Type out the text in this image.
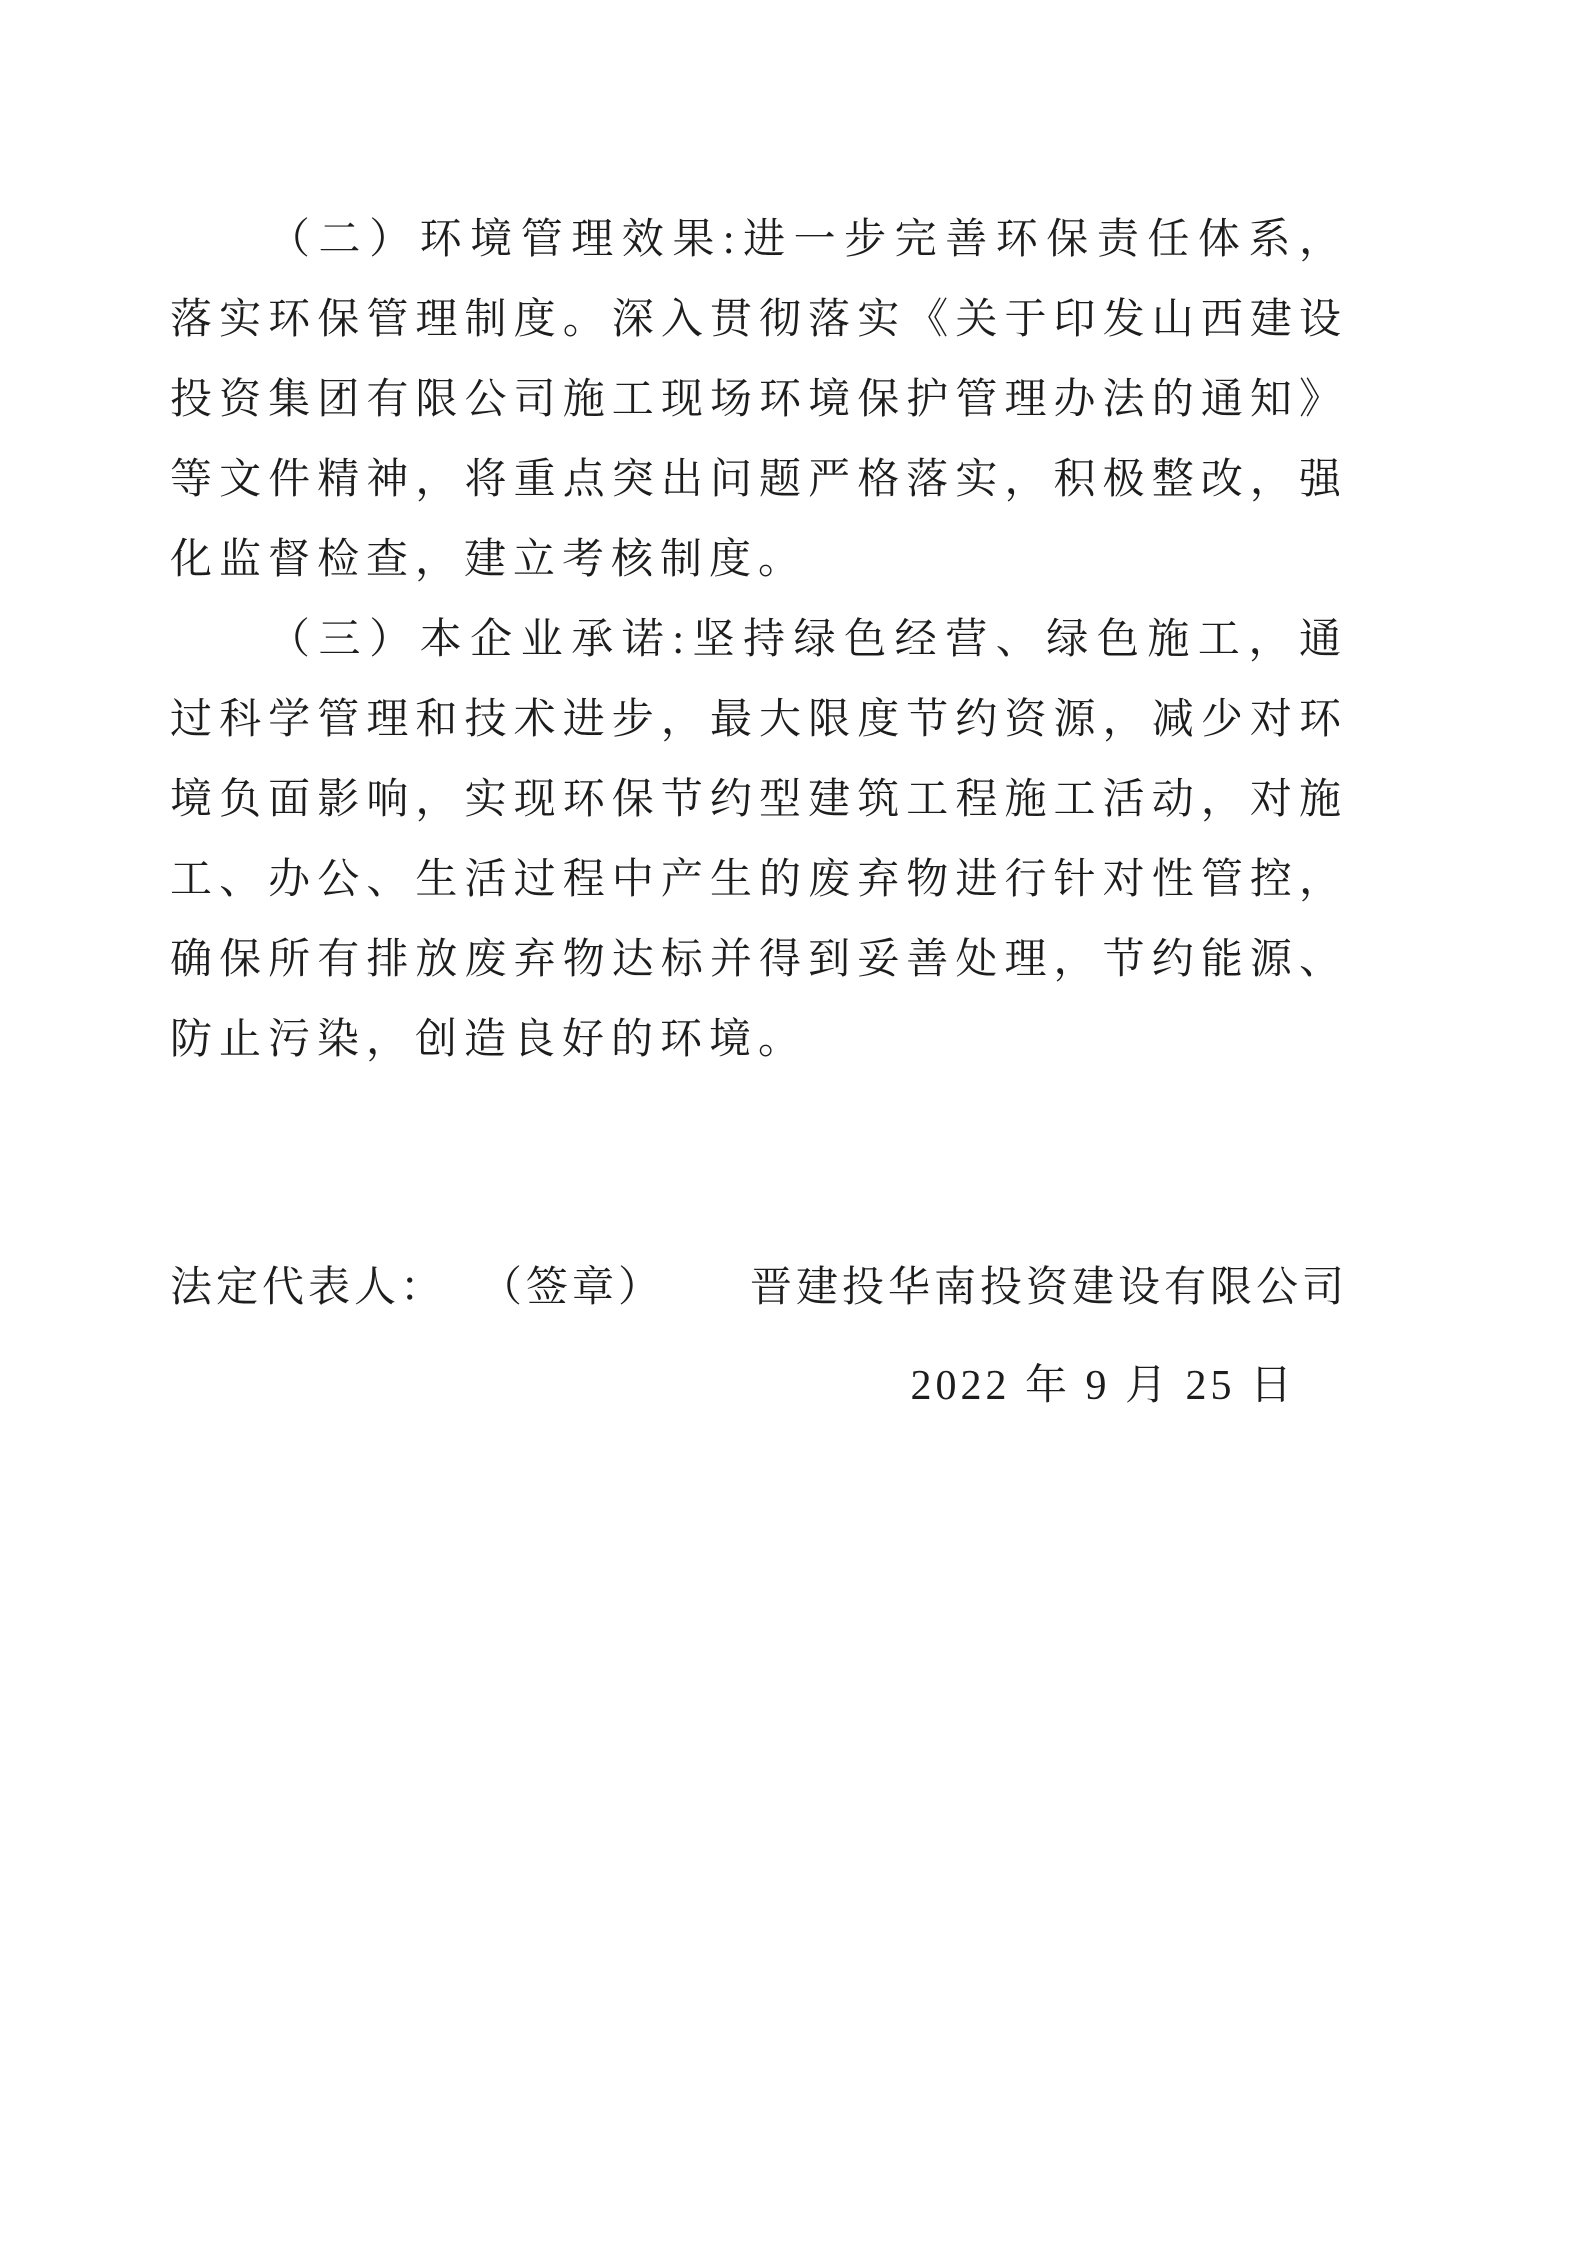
（二）环境管理效果:进一步完善环保责任体系，落实环保管理制度。深入贯彻落实《关于印发山西建设投资集团有限公司施工现场环境保护管理办法的通知》等文件精神，将重点突出问题严格落实，积极整改，强化监督检查，建立考核制度。

（三）本企业承诺:坚持绿色经营、绿色施工，通过科学管理和技术进步，最大限度节约资源，减少对环境负面影响，实现环保节约型建筑工程施工活动，对施工、办公、生活过程中产生的废弃物进行针对性管控，确保所有排放废弃物达标并得到妥善处理，节约能源、防止污染，创造良好的环境。

法定代表人： （签章） 晋建投华南投资建设有限公司
2022 年 9 月 25 日
